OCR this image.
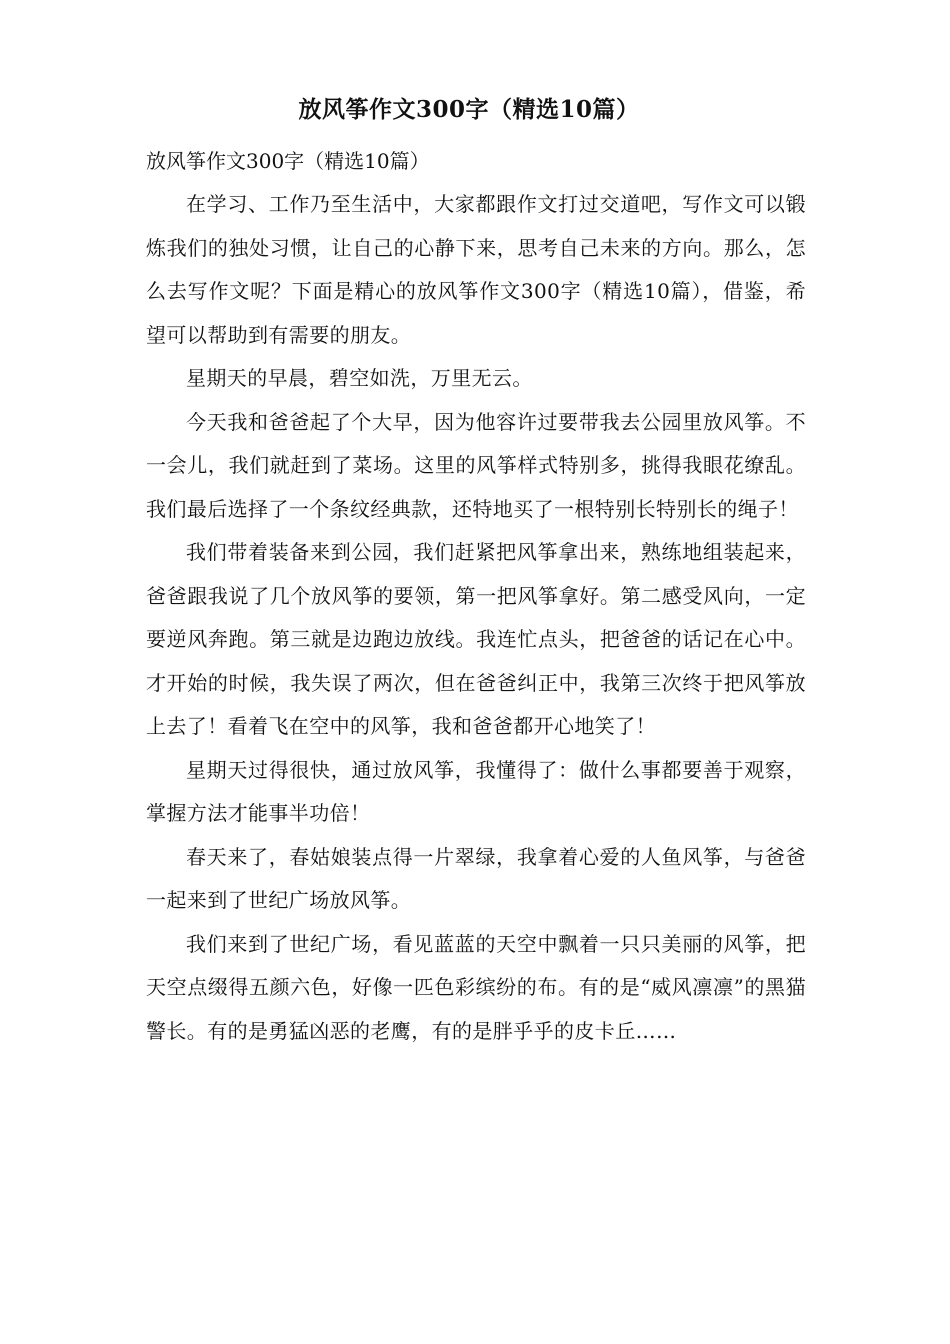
放风筝作文300字（精选10篇）

放风筝作文300字（精选10篇）

在学习、工作乃至生活中，大家都跟作文打过交道吧，写作文可以锻炼我们的独处习惯，让自己的心静下来，思考自己未来的方向。那么，怎么去写作文呢？下面是精心的放风筝作文300字（精选10篇），借鉴，希望可以帮助到有需要的朋友。

星期天的早晨，碧空如洗，万里无云。

今天我和爸爸起了个大早，因为他容许过要带我去公园里放风筝。不一会儿，我们就赶到了菜场。这里的风筝样式特别多，挑得我眼花缭乱。我们最后选择了一个条纹经典款，还特地买了一根特别长特别长的绳子！

我们带着装备来到公园，我们赶紧把风筝拿出来，熟练地组装起来，爸爸跟我说了几个放风筝的要领，第一把风筝拿好。第二感受风向，一定要逆风奔跑。第三就是边跑边放线。我连忙点头，把爸爸的话记在心中。才开始的时候，我失误了两次，但在爸爸纠正中，我第三次终于把风筝放上去了！看着飞在空中的风筝，我和爸爸都开心地笑了！

星期天过得很快，通过放风筝，我懂得了：做什么事都要善于观察，掌握方法才能事半功倍！

春天来了，春姑娘装点得一片翠绿，我拿着心爱的人鱼风筝，与爸爸一起来到了世纪广场放风筝。

我们来到了世纪广场，看见蓝蓝的天空中飘着一只只美丽的风筝，把天空点缀得五颜六色，好像一匹色彩缤纷的布。有的是“威风凛凛”的黑猫警长。有的是勇猛凶恶的老鹰，有的是胖乎乎的皮卡丘……
